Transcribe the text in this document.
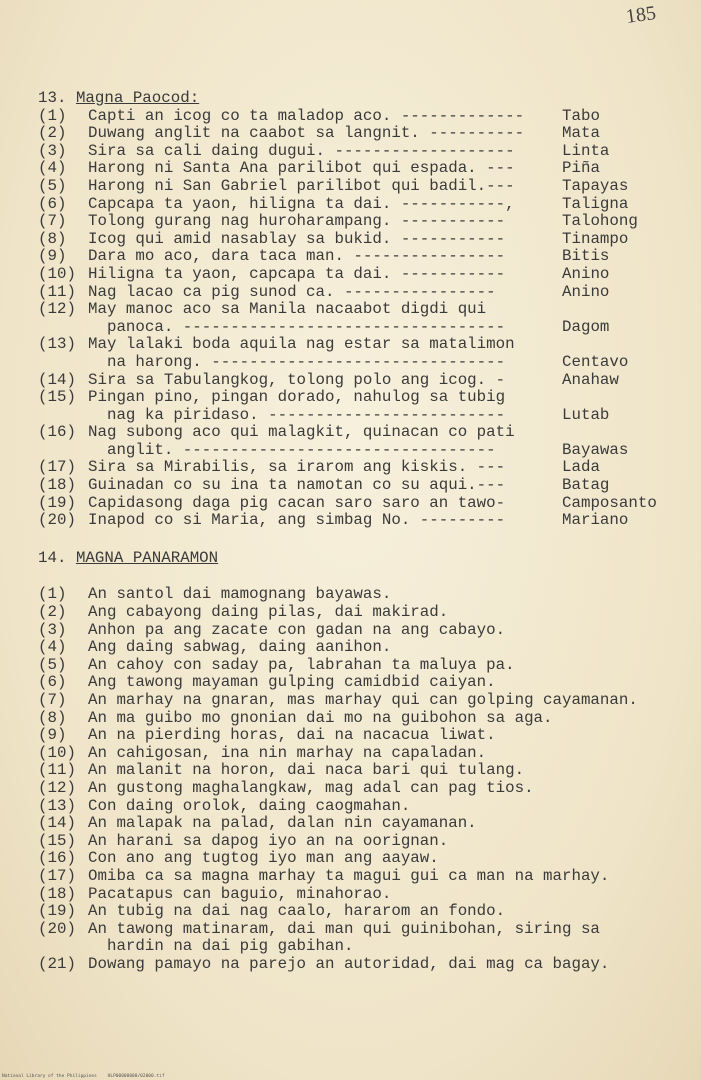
185
13. Magna Paocod:
(1) Capti an icog co ta maladop aco. ------------- Tabo
(2) Duwang anglit na caabot sa langnit. ---------- Mata
(3) Sira sa cali daing dugui. -------------------	Linta
(4) Harong ni Santa Ana parilibot qui espada. ---	Piña
(5) Harong ni San Gabriel parilibot qui badil.---	Tapayas
(6) Capcapa ta yaon, hiligna ta dai. -----------,	Taligna
(7) Tolong gurang nag huroharampang. -----------	Talohong
(8) Icog qui amid nasablay sa bukid. -----------	Tinampo
(9) Dara mo aco, dara taca man. ----------------	Bitis
(10) Hiligna ta yaon, capcapa ta dai. -----------	Anino
(11) Nag lacao ca pig sunod ca. ----------------	Anino
(12) May manoc aco sa Manila nacaabot digdi qui
panoca. ----------------------------------	Dagom
(13) May lalaki boda aquila nag estar sa matalimon
na harong. -------------------------------	Centavo
(14) Sira sa Tabulangkog, tolong polo ang icog. -	Anahaw
(15) Pingan pino, pingan dorado, nahulog sa tubig
nag ka piridaso. -------------------------	Lutab
(16) Nag subong aco qui malagkit, quinacan co pati
anglit. ---------------------------------	Bayawas
(17) Sira sa Mirabilis, sa irarom ang kiskis. ---	Lada
(18) Guinadan co su ina ta namotan co su aqui.---	Batag
(19) Capidasong daga pig cacan saro saro an tawo-	Camposanto
(20) Inapod co si Maria, ang simbag No. ---------	Mariano
14. MAGNA PANARAMON
(1) An santol dai mamognang bayawas.
(2) Ang cabayong daing pilas, dai makirad.
(3) Anhon pa ang zacate con gadan na ang cabayo.
(4) Ang daing sabwag, daing aanihon.
(5) An cahoy con saday pa, labrahan ta maluya pa.
(6) Ang tawong mayaman gulping camidbid caiyan.
(7) An marhay na gnaran, mas marhay qui can golping cayamanan.
(8) An ma guibo mo gnonian dai mo na guibohon sa aga.
(9) An na pierding horas, dai na nacacua liwat.
(10) An cahigosan, ina nin marhay na capaladan.
(11) An malanit na horon, dai naca bari qui tulang.
(12) An gustong maghalangkaw, mag adal can pag tios.
(13) Con daing orolok, daing caogmahan.
(14) An malapak na palad, dalan nin cayamanan.
(15) An harani sa dapog iyo an na oorignan.
(16) Con ano ang tugtog iyo man ang aayaw.
(17) Omiba ca sa magna marhay ta magui gui ca man na marhay.
(18) Pacatapus can baguio, minahorao.
(19) An tubig na dai nag caalo, hararom an fondo.
(20) An tawong matinaram, dai man qui guinibohan, siring sa
hardin na dai pig gabihan.
(21) Dowang pamayo na parejo an autoridad, dai mag ca bagay.
National Library of the Philippines    HLP00000000/02000.tif
